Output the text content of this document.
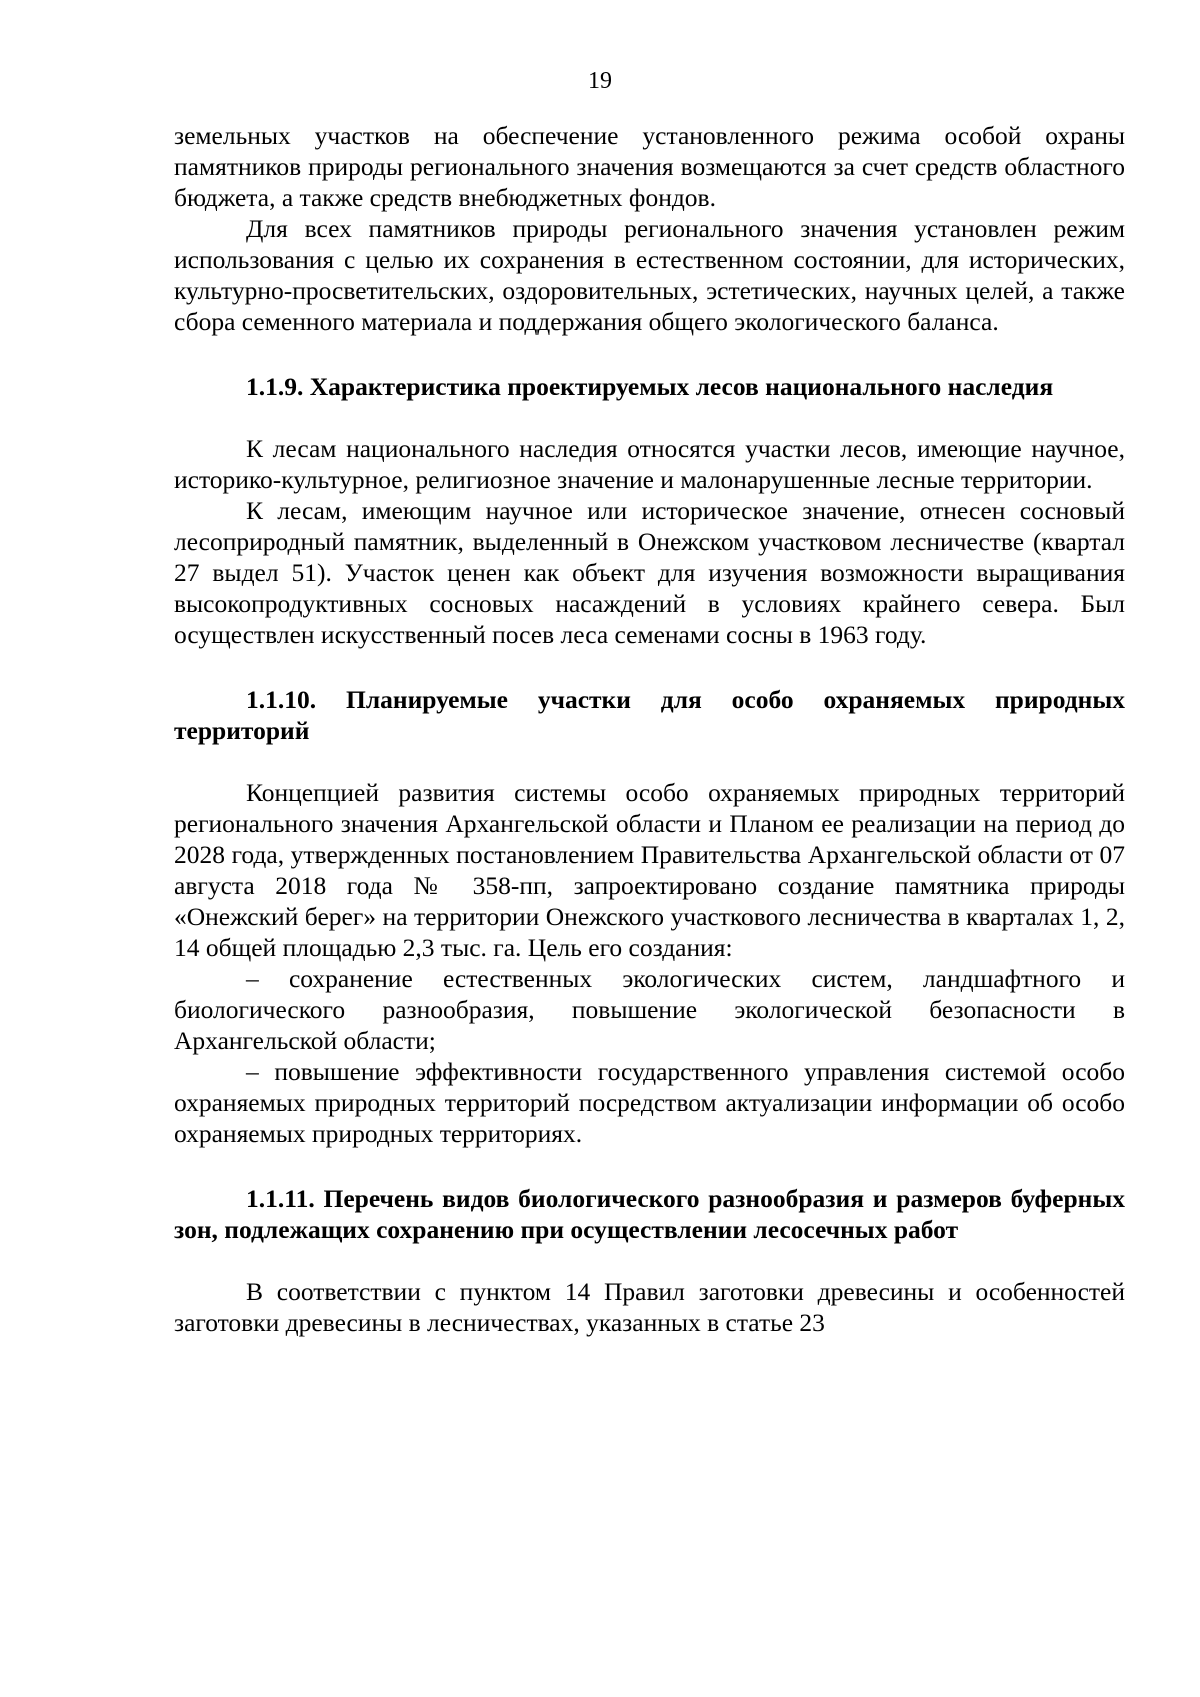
19

земельных участков на обеспечение установленного режима особой охраны памятников природы регионального значения возмещаются за счет средств областного бюджета, а также средств внебюджетных фондов.

Для всех памятников природы регионального значения установлен режим использования с целью их сохранения в естественном состоянии, для исторических, культурно-просветительских, оздоровительных, эстетических, научных целей, а также сбора семенного материала и поддержания общего экологического баланса.

1.1.9. Характеристика проектируемых лесов национального наследия

К лесам национального наследия относятся участки лесов, имеющие научное, историко-культурное, религиозное значение и малонарушенные лесные территории.

К лесам, имеющим научное или историческое значение, отнесен сосновый лесоприродный памятник, выделенный в Онежском участковом лесничестве (квартал 27 выдел 51). Участок ценен как объект для изучения возможности выращивания высокопродуктивных сосновых насаждений в условиях крайнего севера. Был осуществлен искусственный посев леса семенами сосны в 1963 году.

1.1.10. Планируемые участки для особо охраняемых природных территорий

Концепцией развития системы особо охраняемых природных территорий регионального значения Архангельской области и Планом ее реализации на период до 2028 года, утвержденных постановлением Правительства Архангельской области от 07 августа 2018 года № 358-пп, запроектировано создание памятника природы «Онежский берег» на территории Онежского участкового лесничества в кварталах 1, 2, 14 общей площадью 2,3 тыс. га. Цель его создания:

– сохранение естественных экологических систем, ландшафтного и биологического разнообразия, повышение экологической безопасности в Архангельской области;

– повышение эффективности государственного управления системой особо охраняемых природных территорий посредством актуализации информации об особо охраняемых природных территориях.

1.1.11. Перечень видов биологического разнообразия и размеров буферных зон, подлежащих сохранению при осуществлении лесосечных работ

В соответствии с пунктом 14 Правил заготовки древесины и особенностей заготовки древесины в лесничествах, указанных в статье 23
